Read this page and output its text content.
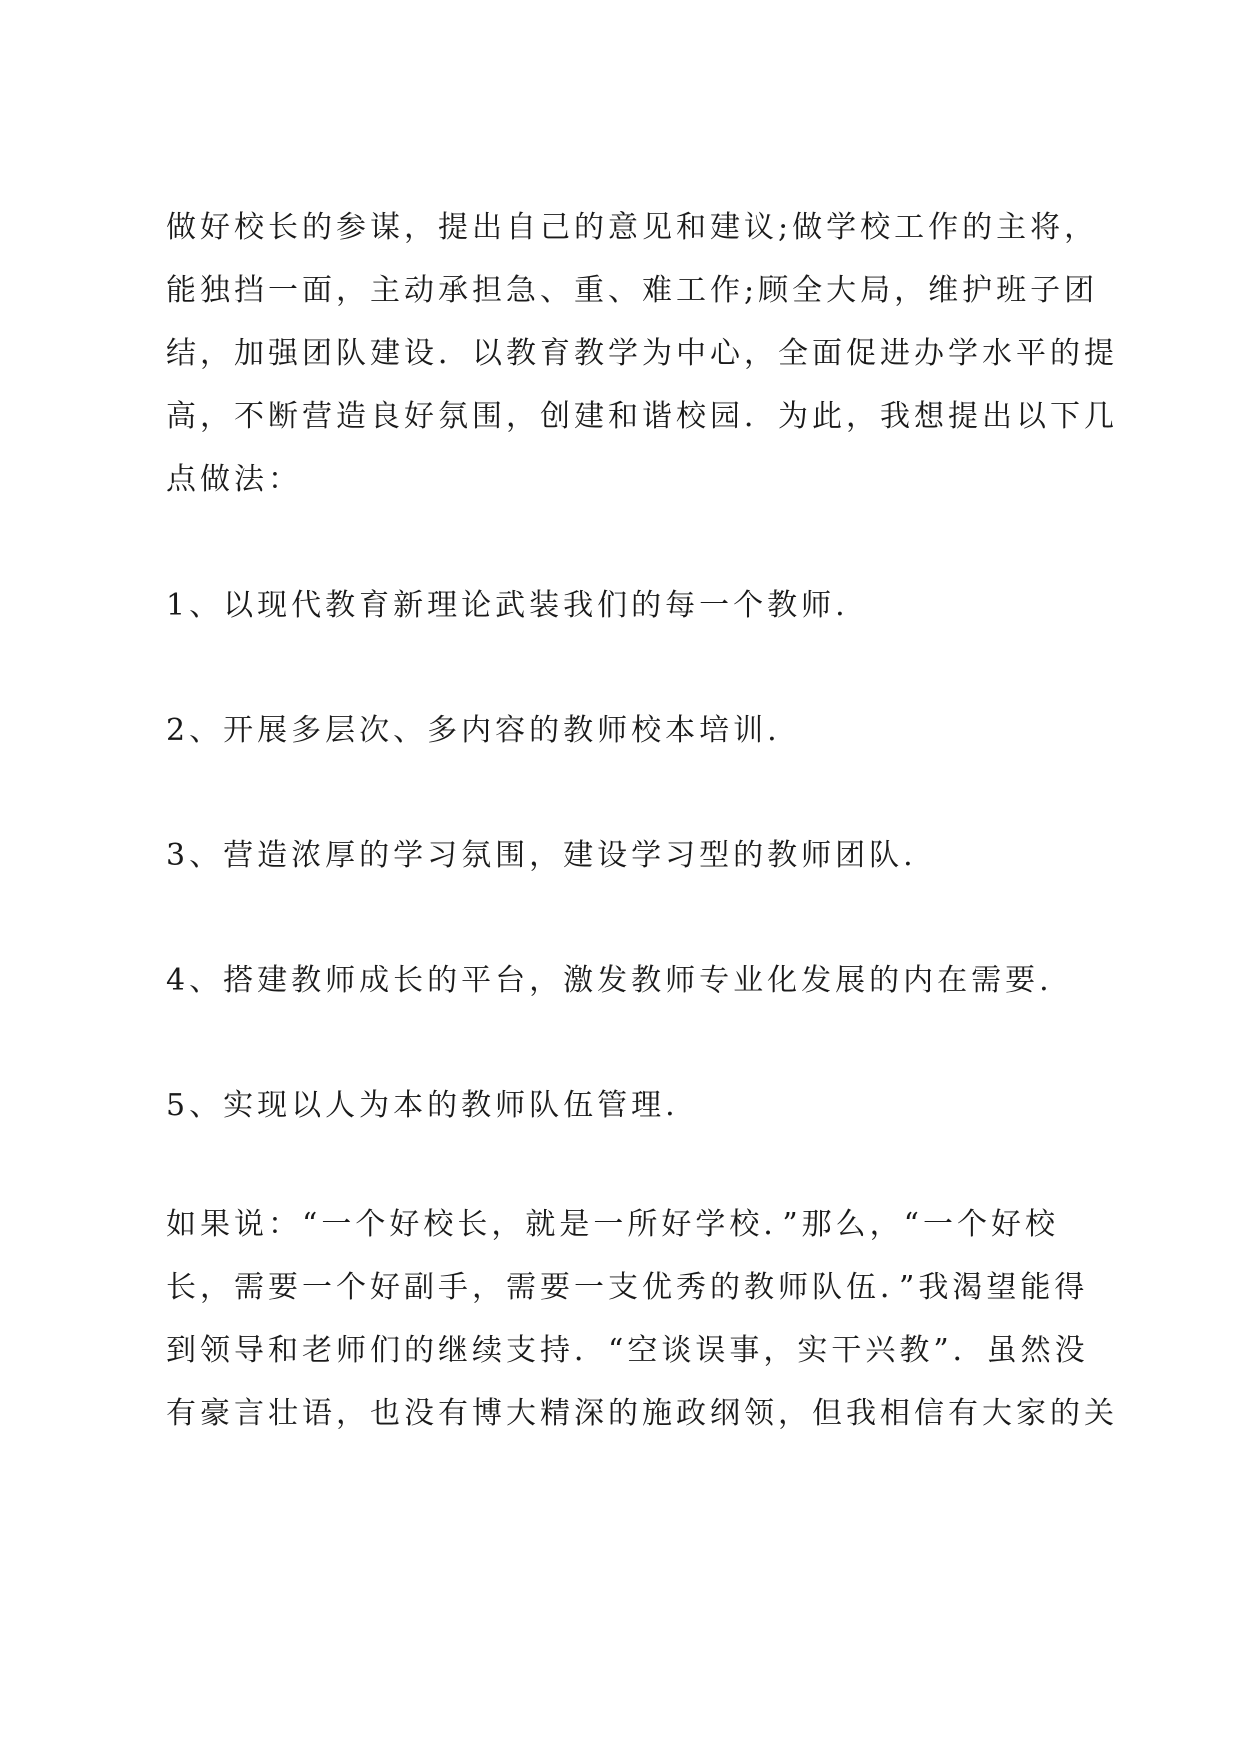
做好校长的参谋，提出自己的意见和建议;做学校工作的主将，
能独挡一面，主动承担急、重、难工作;顾全大局，维护班子团
结，加强团队建设．以教育教学为中心，全面促进办学水平的提
高，不断营造良好氛围，创建和谐校园．为此，我想提出以下几
点做法：

1、以现代教育新理论武装我们的每一个教师.

2、开展多层次、多内容的教师校本培训.

3、营造浓厚的学习氛围，建设学习型的教师团队.

4、搭建教师成长的平台，激发教师专业化发展的内在需要.

5、实现以人为本的教师队伍管理.

如果说：“一个好校长，就是一所好学校．”那么，“一个好校
长，需要一个好副手，需要一支优秀的教师队伍．”我渴望能得
到领导和老师们的继续支持．“空谈误事，实干兴教”．虽然没
有豪言壮语，也没有博大精深的施政纲领，但我相信有大家的关
